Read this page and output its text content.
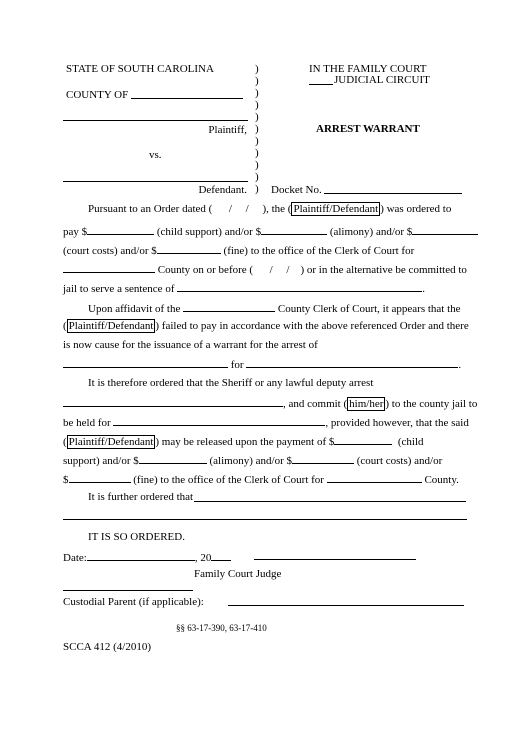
STATE OF SOUTH CAROLINA
COUNTY OF
Plaintiff,
vs.
Defendant.
)
)
)
)
)
)
)
)
)
)
)
IN THE FAMILY COURT
JUDICIAL CIRCUIT
ARREST WARRANT
Docket No.
Pursuant to an Order dated ( / / ), the ( Plaintiff/Defendant ) was ordered to
pay $	(child support) and/or $	(alimony) and/or $
(court costs) and/or $	(fine) to the office of the Clerk of Court for
County on or before ( / / ) or in the alternative be committed to
jail to serve a sentence of	.
Upon affidavit of the	County Clerk of Court, it appears that the
( Plaintiff/Defendant ) failed to pay in accordance with the above referenced Order and there
is now cause for the issuance of a warrant for the arrest of
for	.
It is therefore ordered that the Sheriff or any lawful deputy arrest
, and commit ( him/her ) to the county jail to
be held for	, provided however, that the said
( Plaintiff/Defendant ) may be released upon the payment of $	(child
support) and/or $	(alimony) and/or $	(court costs) and/or
$	(fine) to the office of the Clerk of Court for	County.
It is further ordered that
IT IS SO ORDERED.
Date:	, 20
Family Court Judge
Custodial Parent (if applicable):
§§ 63-17-390, 63-17-410
SCCA 412 (4/2010)
